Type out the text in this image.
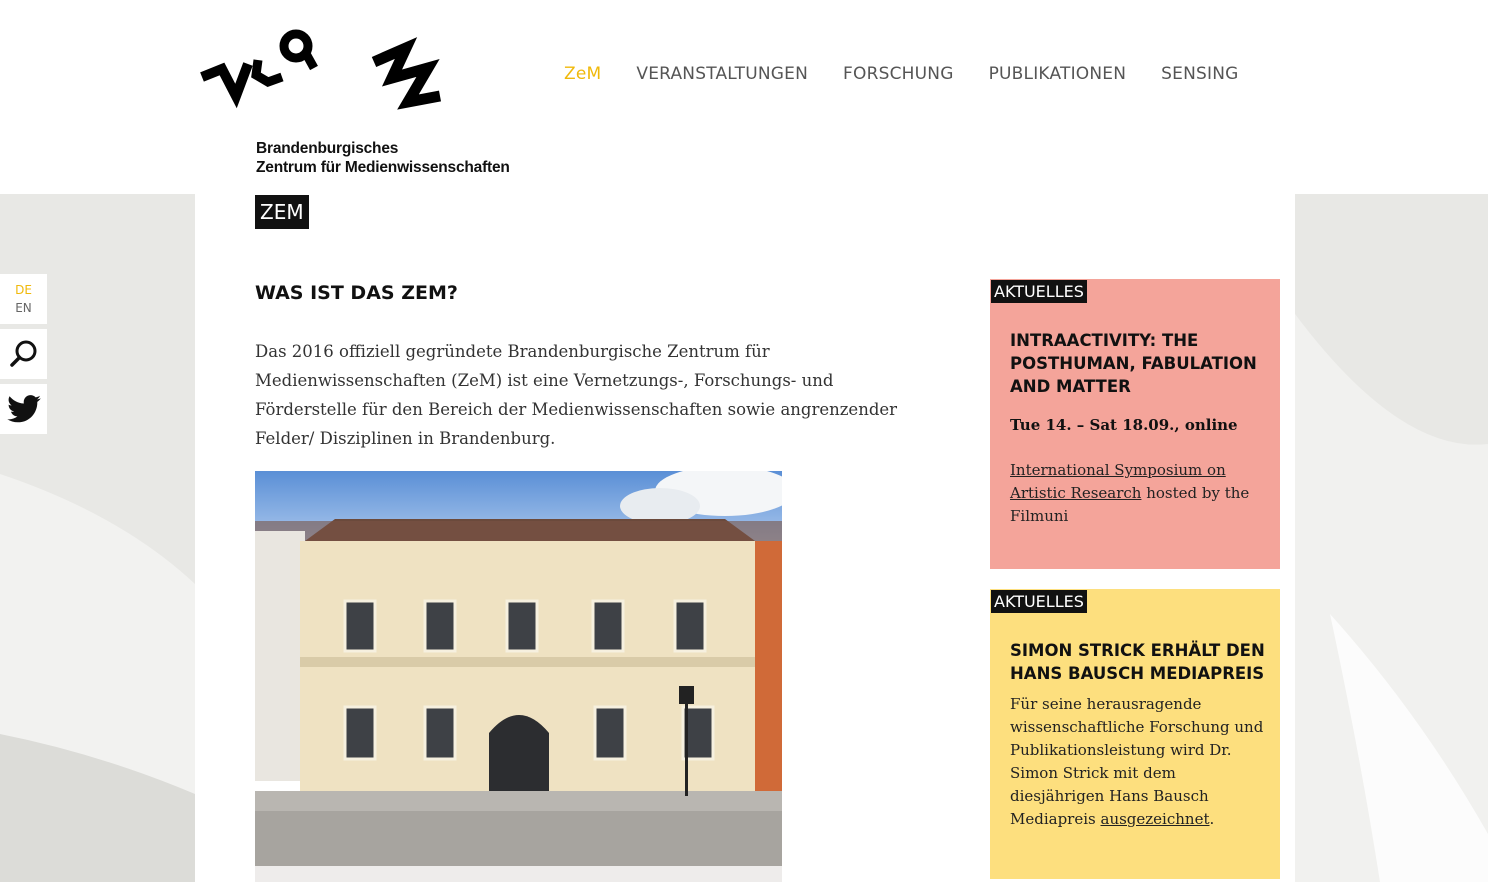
Brandenburgisches
Zentrum für Medienwissenschaften
ZeM VERANSTALTUNGEN FORSCHUNG PUBLIKATIONEN SENSING
ZEM
DE
EN
WAS IST DAS ZEM?

Das 2016 offiziell gegründete Brandenburgische Zentrum für Medienwissenschaften (ZeM) ist eine Vernetzungs-, Forschungs- und Förderstelle für den Bereich der Medienwissenschaften sowie angrenzender Felder/ Disziplinen in Brandenburg.

AKTUELLES
INTRAACTIVITY: THE POSTHUMAN, FABULATION AND MATTER
Tue 14. – Sat 18.09., online
International Symposium on Artistic Research hosted by the Filmuni
AKTUELLES
SIMON STRICK ERHÄLT DEN HANS BAUSCH MEDIAPREIS
Für seine herausragende wissenschaftliche Forschung und Publikationsleistung wird Dr. Simon Strick mit dem diesjährigen Hans Bausch Mediapreis ausgezeichnet.
